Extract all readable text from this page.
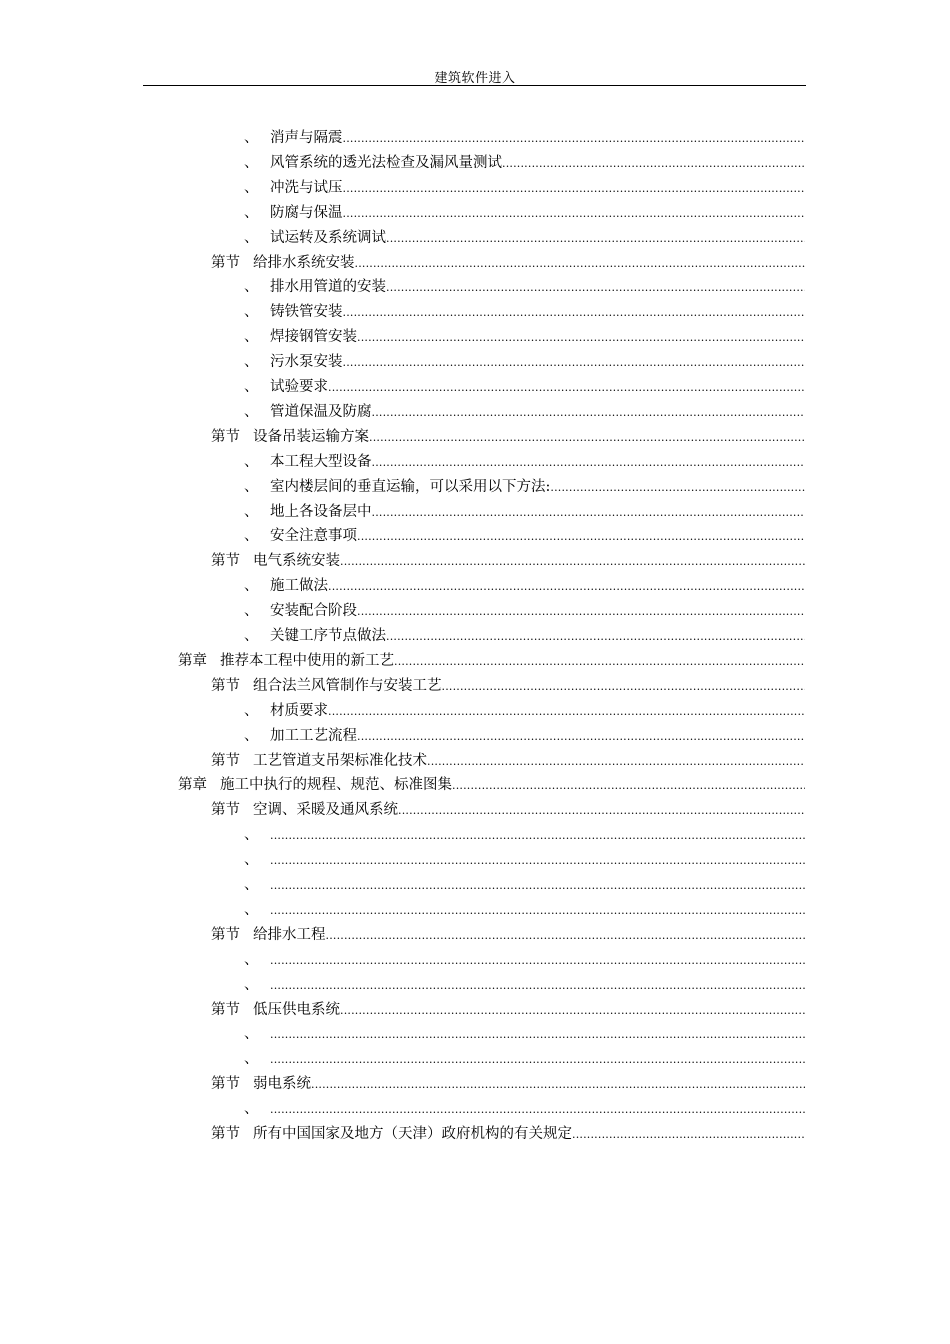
建筑软件进入
、 消声与隔震
.....
、 风管系统的透光法检查及漏风量测试
.....
、 冲洗与试压
.....
、 防腐与保温
.....
、 试运转及系统调试
.....
第节 给排水系统安装
.....
、 排水用管道的安装
.....
、 铸铁管安装
.....
、 焊接钢管安装
.....
、 污水泵安装
.....
、 试验要求
.....
、 管道保温及防腐
.....
第节 设备吊装运输方案
.....
、 本工程大型设备
.....
、 室内楼层间的垂直运输，可以采用以下方法:
.....
、 地上各设备层中
.....
、 安全注意事项
.....
第节 电气系统安装
.....
、 施工做法
.....
、 安装配合阶段
.....
、 关键工序节点做法
.....
第章 推荐本工程中使用的新工艺
.....
第节 组合法兰风管制作与安装工艺
.....
、 材质要求
.....
、 加工工艺流程
.....
第节 工艺管道支吊架标准化技术
.....
第章 施工中执行的规程、规范、标准图集
.....
第节 空调、采暖及通风系统
.....
、
.....
、
.....
、
.....
、
.....
第节 给排水工程
.....
、
.....
、
.....
第节 低压供电系统
.....
、
.....
、
.....
第节 弱电系统
.....
、
.....
第节 所有中国国家及地方（天津）政府机构的有关规定
.....
